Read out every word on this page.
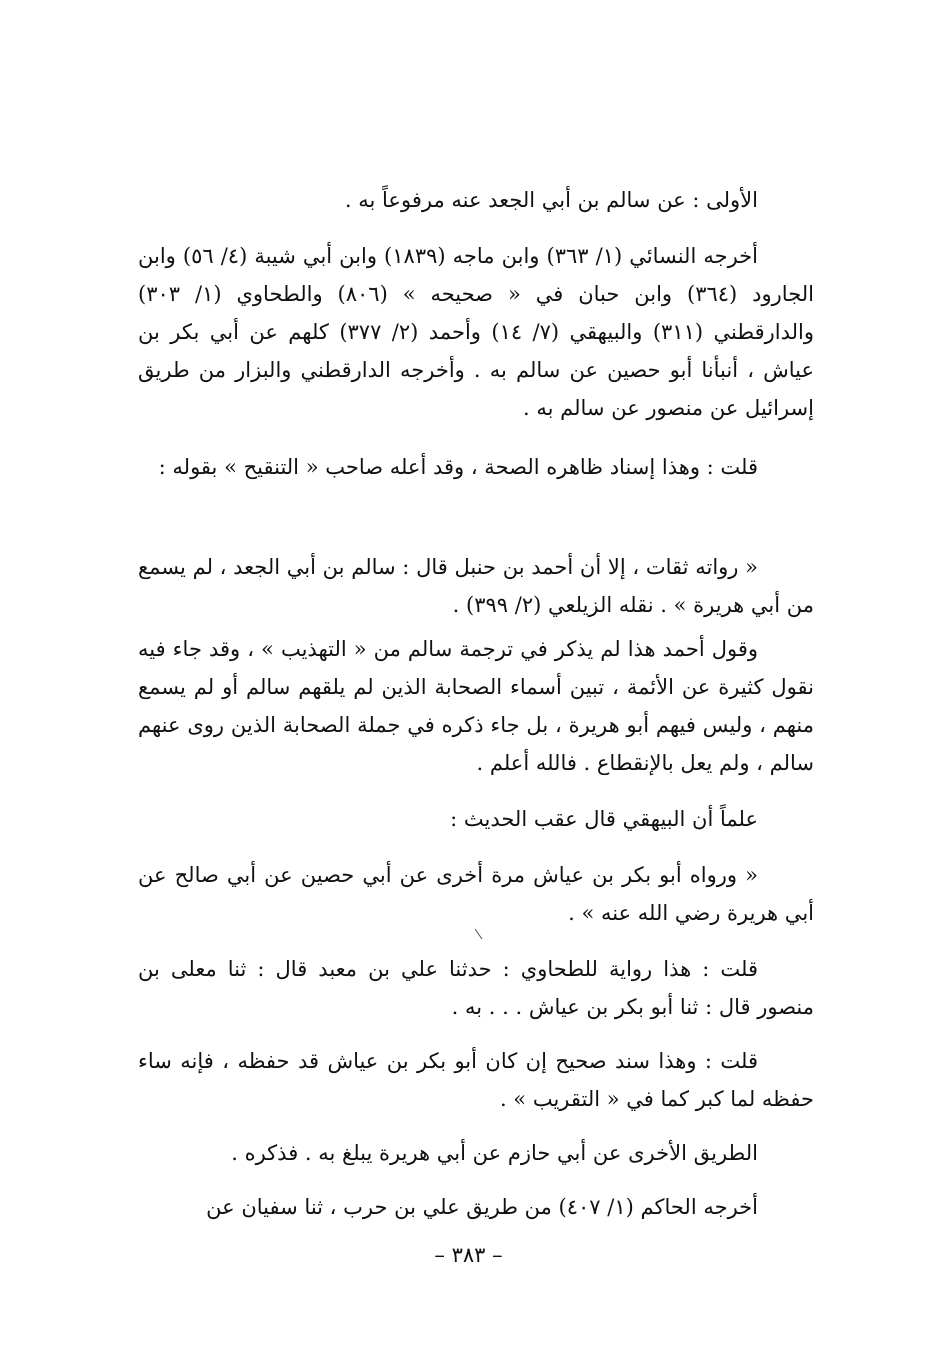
الأولى : عن سالم بن أبي الجعد عنه مرفوعاً به .

أخرجه النسائي (١/ ٣٦٣) وابن ماجه (١٨٣٩) وابن أبي شيبة (٤/ ٥٦) وابن الجارود (٣٦٤) وابن حبان في « صحيحه » (٨٠٦) والطحاوي (١/ ٣٠٣) والدارقطني (٣١١) والبيهقي (٧/ ١٤) وأحمد (٢/ ٣٧٧) كلهم عن أبي بكر بن عياش ، أنبأنا أبو حصين عن سالم به . وأخرجه الدارقطني والبزار من طريق إسرائيل عن منصور عن سالم به .

قلت : وهذا إسناد ظاهره الصحة ، وقد أعله صاحب « التنقيح » بقوله :

« رواته ثقات ، إلا أن أحمد بن حنبل قال : سالم بن أبي الجعد ، لم يسمع من أبي هريرة » . نقله الزيلعي (٢/ ٣٩٩) .

وقول أحمد هذا لم يذكر في ترجمة سالم من « التهذيب » ، وقد جاء فيه نقول كثيرة عن الأئمة ، تبين أسماء الصحابة الذين لم يلقهم سالم أو لم يسمع منهم ، وليس فيهم أبو هريرة ، بل جاء ذكره في جملة الصحابة الذين روى عنهم سالم ، ولم يعل بالإنقطاع . فالله أعلم .

علماً أن البيهقي قال عقب الحديث :

« ورواه أبو بكر بن عياش مرة أخرى عن أبي حصين عن أبي صالح عن أبي هريرة رضي الله عنه » .

قلت : هذا رواية للطحاوي : حدثنا علي بن معبد قال : ثنا معلى بن منصور قال : ثنا أبو بكر بن عياش . . . به .

قلت : وهذا سند صحيح إن كان أبو بكر بن عياش قد حفظه ، فإنه ساء حفظه لما كبر كما في « التقريب » .

الطريق الأخرى عن أبي حازم عن أبي هريرة يبلغ به . فذكره .

أخرجه الحاكم (١/ ٤٠٧) من طريق علي بن حرب ، ثنا سفيان عن

– ٣٨٣ –
